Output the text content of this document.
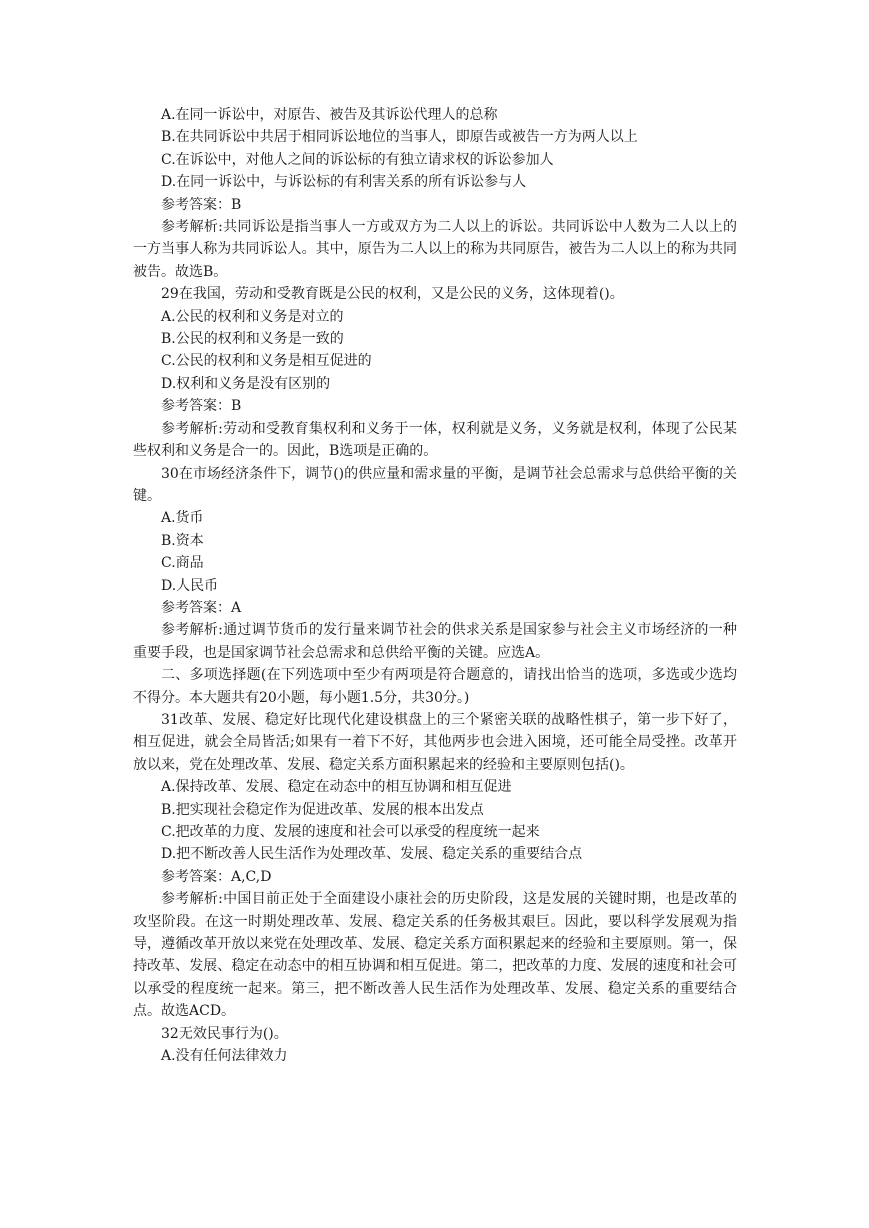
A.在同一诉讼中，对原告、被告及其诉讼代理人的总称

B.在共同诉讼中共居于相同诉讼地位的当事人，即原告或被告一方为两人以上

C.在诉讼中，对他人之间的诉讼标的有独立请求权的诉讼参加人

D.在同一诉讼中，与诉讼标的有利害关系的所有诉讼参与人

参考答案：B

参考解析:共同诉讼是指当事人一方或双方为二人以上的诉讼。共同诉讼中人数为二人以上的一方当事人称为共同诉讼人。其中，原告为二人以上的称为共同原告，被告为二人以上的称为共同被告。故选B。

29在我国，劳动和受教育既是公民的权利，又是公民的义务，这体现着()。

A.公民的权利和义务是对立的

B.公民的权利和义务是一致的

C.公民的权利和义务是相互促进的

D.权利和义务是没有区别的

参考答案：B

参考解析:劳动和受教育集权利和义务于一体，权利就是义务，义务就是权利，体现了公民某些权利和义务是合一的。因此，B选项是正确的。

30在市场经济条件下，调节()的供应量和需求量的平衡，是调节社会总需求与总供给平衡的关键。

A.货币

B.资本

C.商品

D.人民币

参考答案：A

参考解析:通过调节货币的发行量来调节社会的供求关系是国家参与社会主义市场经济的一种重要手段，也是国家调节社会总需求和总供给平衡的关键。应选A。

二、多项选择题(在下列选项中至少有两项是符合题意的，请找出恰当的选项，多选或少选均不得分。本大题共有20小题，每小题1.5分，共30分。)

31改革、发展、稳定好比现代化建设棋盘上的三个紧密关联的战略性棋子，第一步下好了，相互促进，就会全局皆活;如果有一着下不好，其他两步也会进入困境，还可能全局受挫。改革开放以来，党在处理改革、发展、稳定关系方面积累起来的经验和主要原则包括()。

A.保持改革、发展、稳定在动态中的相互协调和相互促进

B.把实现社会稳定作为促进改革、发展的根本出发点

C.把改革的力度、发展的速度和社会可以承受的程度统一起来

D.把不断改善人民生活作为处理改革、发展、稳定关系的重要结合点

参考答案：A,C,D

参考解析:中国目前正处于全面建设小康社会的历史阶段，这是发展的关键时期，也是改革的攻坚阶段。在这一时期处理改革、发展、稳定关系的任务极其艰巨。因此，要以科学发展观为指导，遵循改革开放以来党在处理改革、发展、稳定关系方面积累起来的经验和主要原则。第一，保持改革、发展、稳定在动态中的相互协调和相互促进。第二，把改革的力度、发展的速度和社会可以承受的程度统一起来。第三，把不断改善人民生活作为处理改革、发展、稳定关系的重要结合点。故选ACD。

32无效民事行为()。

A.没有任何法律效力
